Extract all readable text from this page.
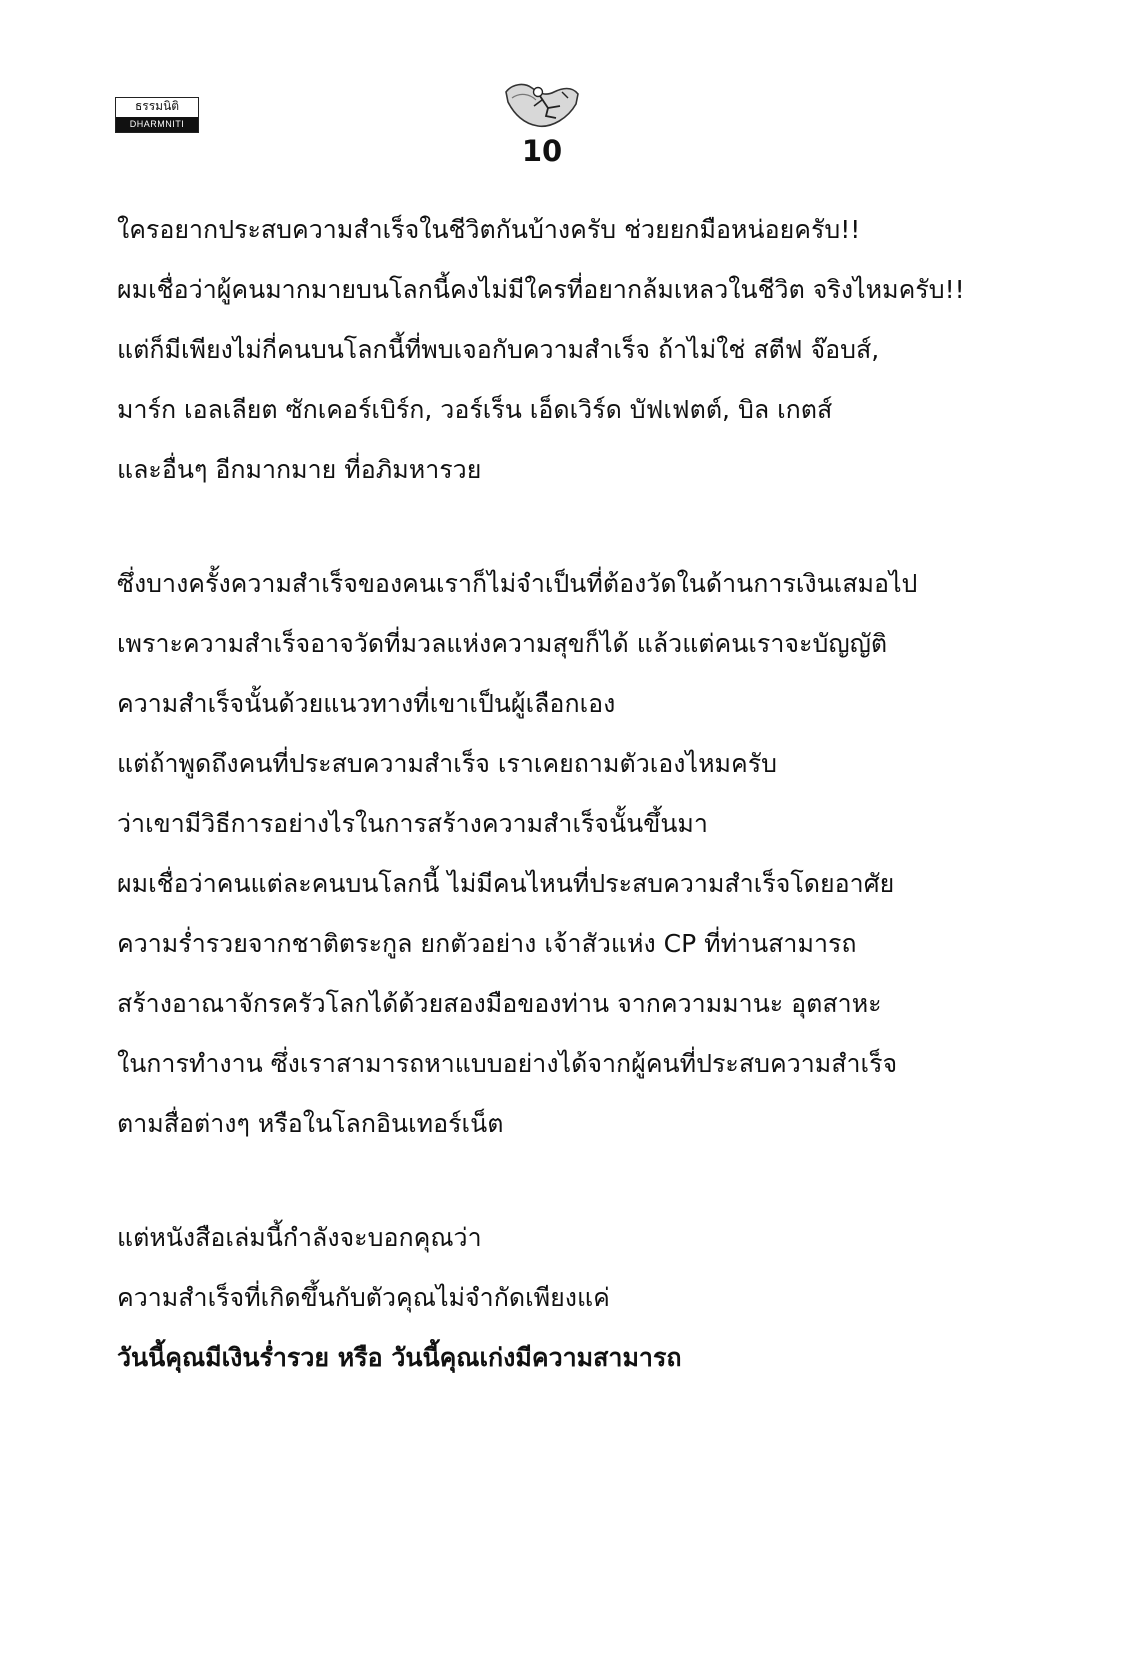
ธรรมนิติ
DHARMNITI
10
ใครอยากประสบความสำเร็จในชีวิตกันบ้างครับ ช่วยยกมือหน่อยครับ!!
ผมเชื่อว่าผู้คนมากมายบนโลกนี้คงไม่มีใครที่อยากล้มเหลวในชีวิต จริงไหมครับ!!
แต่ก็มีเพียงไม่กี่คนบนโลกนี้ที่พบเจอกับความสำเร็จ ถ้าไม่ใช่ สตีฟ จ๊อบส์,
มาร์ก เอลเลียต ซักเคอร์เบิร์ก, วอร์เร็น เอ็ดเวิร์ด บัฟเฟตต์, บิล เกตส์
และอื่นๆ อีกมากมาย ที่อภิมหารวย
ซึ่งบางครั้งความสำเร็จของคนเราก็ไม่จำเป็นที่ต้องวัดในด้านการเงินเสมอไป
เพราะความสำเร็จอาจวัดที่มวลแห่งความสุขก็ได้ แล้วแต่คนเราจะบัญญัติ
ความสำเร็จนั้นด้วยแนวทางที่เขาเป็นผู้เลือกเอง
แต่ถ้าพูดถึงคนที่ประสบความสำเร็จ เราเคยถามตัวเองไหมครับ
ว่าเขามีวิธีการอย่างไรในการสร้างความสำเร็จนั้นขึ้นมา
ผมเชื่อว่าคนแต่ละคนบนโลกนี้ ไม่มีคนไหนที่ประสบความสำเร็จโดยอาศัย
ความร่ำรวยจากชาติตระกูล ยกตัวอย่าง เจ้าสัวแห่ง CP ที่ท่านสามารถ
สร้างอาณาจักรครัวโลกได้ด้วยสองมือของท่าน จากความมานะ อุตสาหะ
ในการทำงาน ซึ่งเราสามารถหาแบบอย่างได้จากผู้คนที่ประสบความสำเร็จ
ตามสื่อต่างๆ หรือในโลกอินเทอร์เน็ต
แต่หนังสือเล่มนี้กำลังจะบอกคุณว่า
ความสำเร็จที่เกิดขึ้นกับตัวคุณไม่จำกัดเพียงแค่
วันนี้คุณมีเงินร่ำรวย หรือ วันนี้คุณเก่งมีความสามารถ
